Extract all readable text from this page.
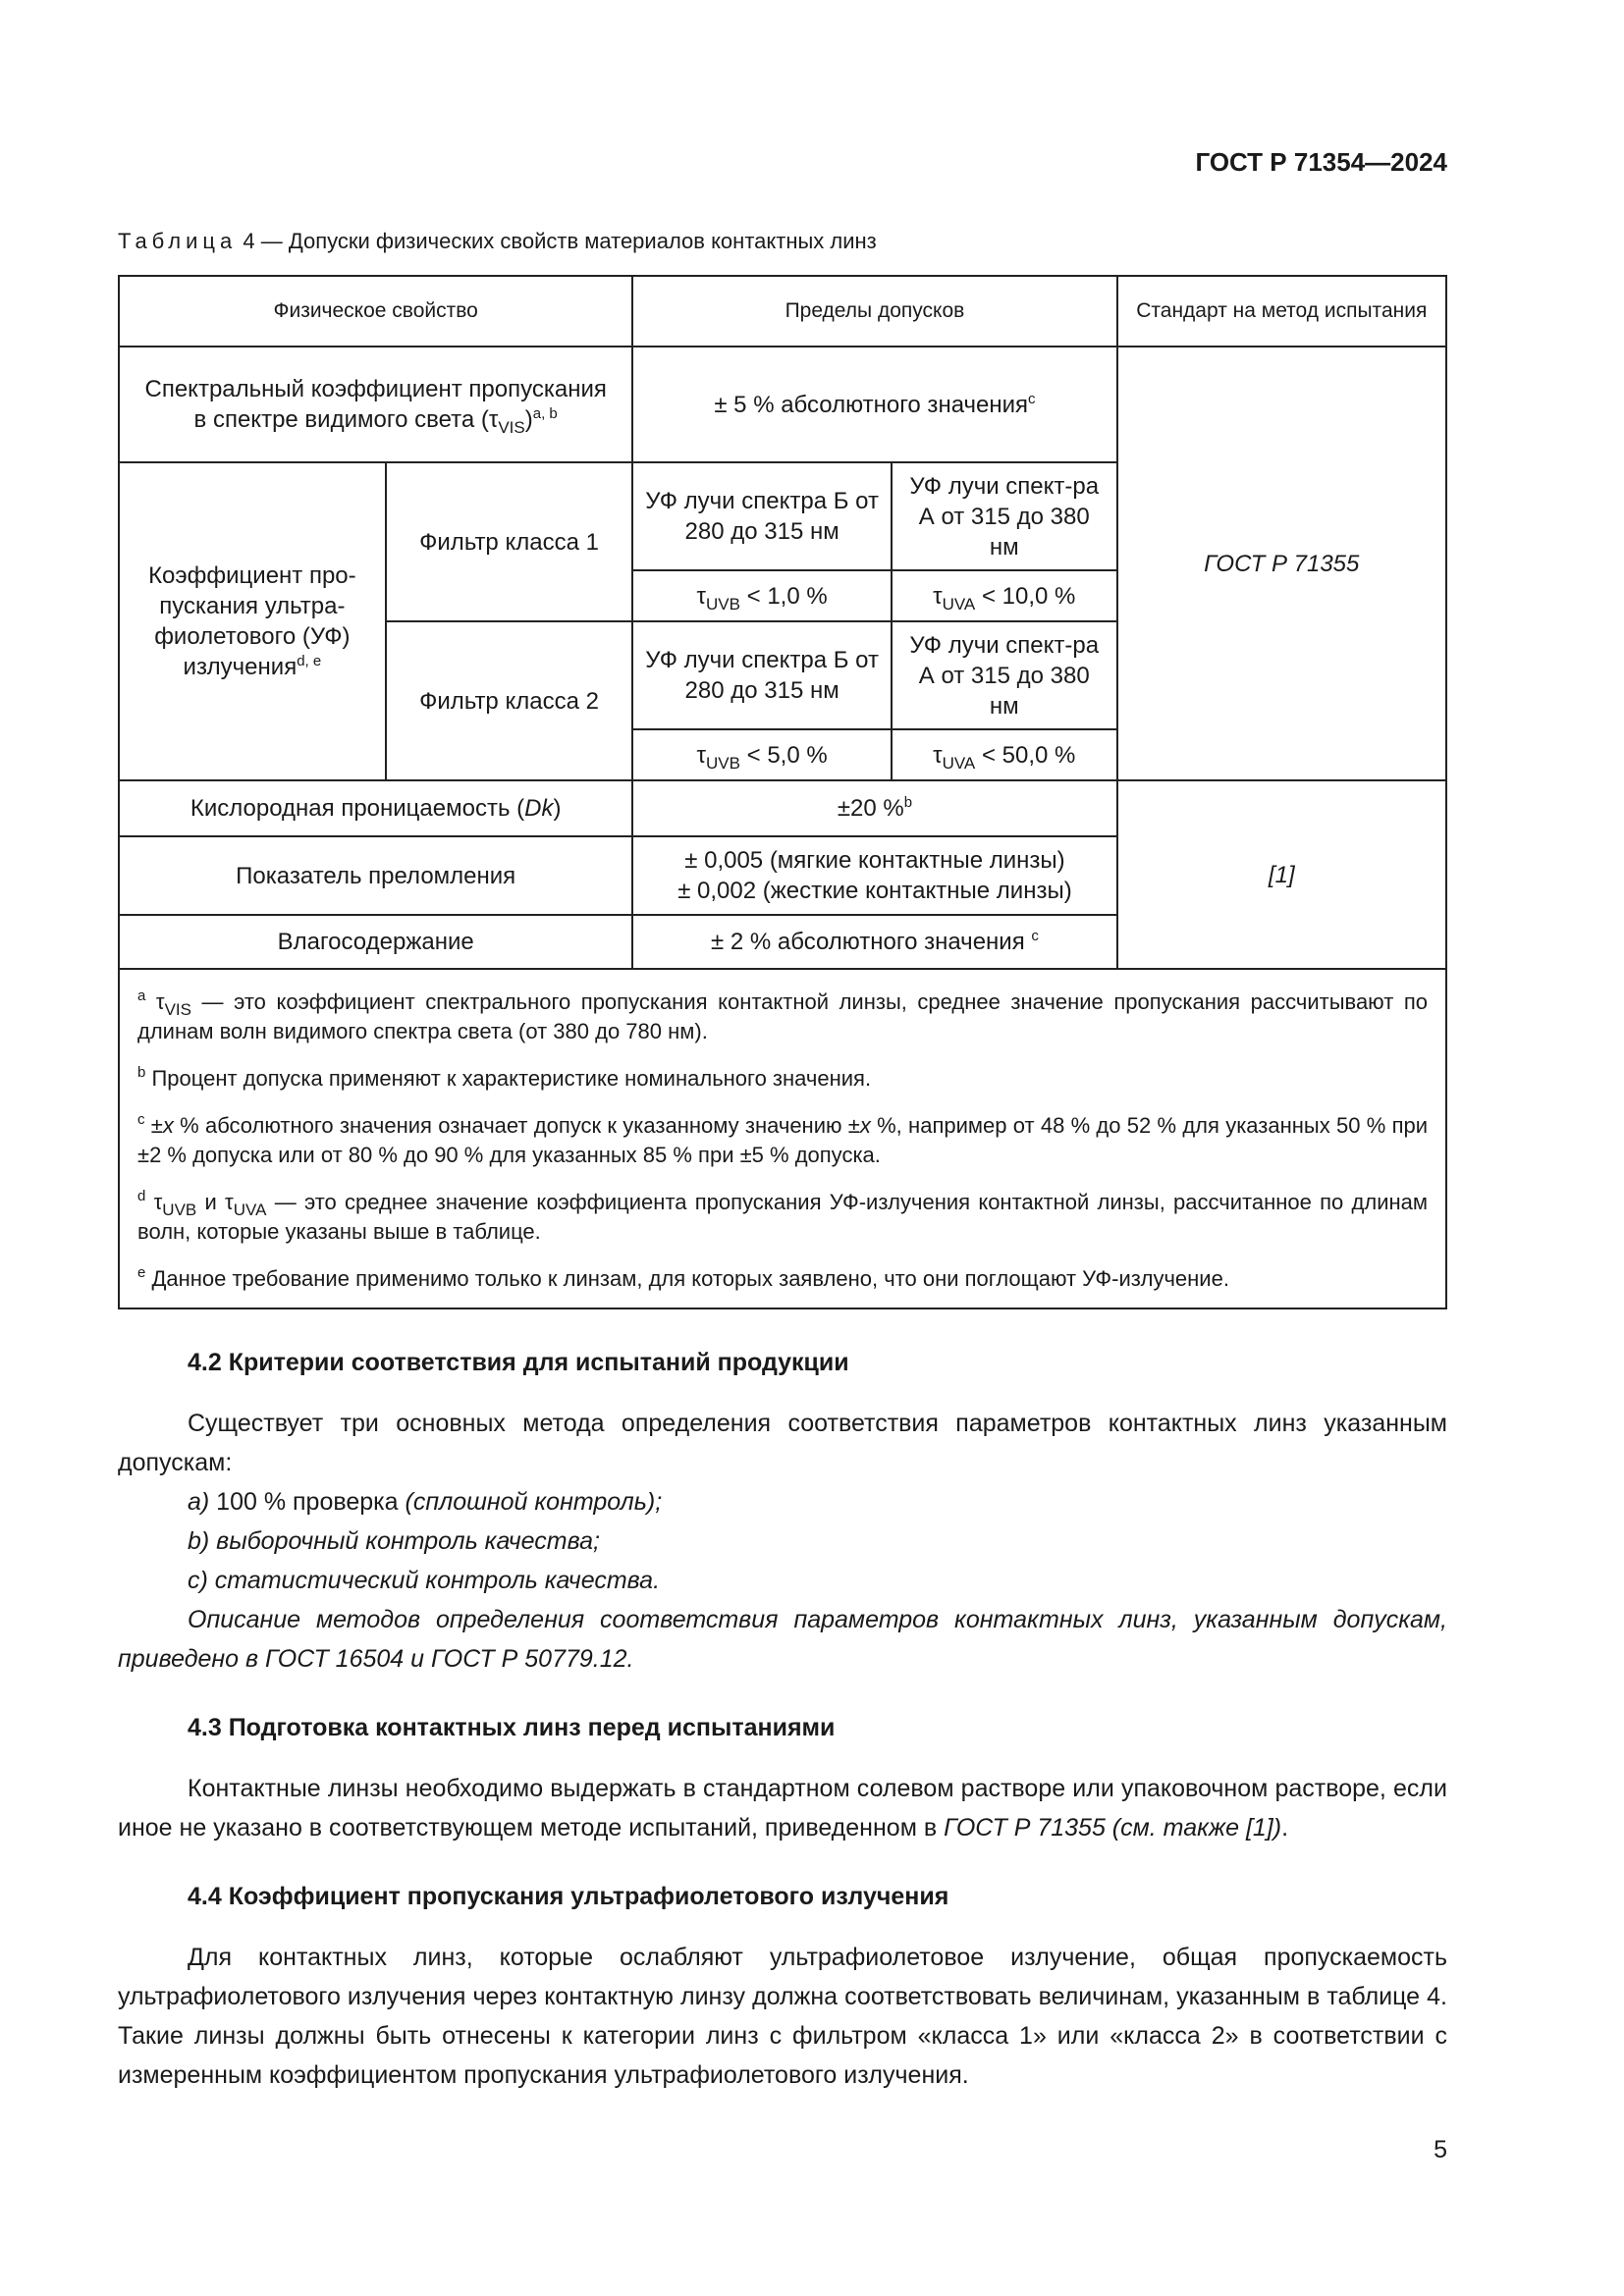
ГОСТ Р 71354—2024
Таблица 4 — Допуски физических свойств материалов контактных линз
Физическое свойство		Пределы допусков		Стандарт на метод испытания
Спектральный коэффициент пропускания
в спектре видимого света $(\tau_{VIS})^{a, b}$		± 5 % абсолютного значения$^c$		ГОСТ Р 71355
Коэффициент про-пускания ультра-фиолетового (УФ) излучения$^{d, e}$	Фильтр класса 1	УФ лучи спектра Б от 280 до 315 нм	УФ лучи спект-ра А от 315 до 380 нм	
		$\tau_{UVB} < 1,0$ %	$\tau_{UVA} < 10,0$ %	
	Фильтр класса 2	УФ лучи спектра Б от 280 до 315 нм	УФ лучи спект-ра А от 315 до 380 нм	
		$\tau_{UVB} < 5,0$ %	$\tau_{UVA} < 50,0$ %	
Кислородная проницаемость (Dk)		±20 %$^b$		[1]
Показатель преломления		± 0,005 (мягкие контактные линзы)
± 0,002 (жесткие контактные линзы)		
Влагосодержание		± 2 % абсолютного значения $^c$

$^a$ $\tau_{VIS}$ — это коэффициент спектрального пропускания контактной линзы, среднее значение пропускания рассчитывают по длинам волн видимого спектра света (от 380 до 780 нм).

$^b$ Процент допуска применяют к характеристике номинального значения.

$^c$ ±x % абсолютного значения означает допуск к указанному значению ±x %, например от 48 % до 52 % для указанных 50 % при ±2 % допуска или от 80 % до 90 % для указанных 85 % при ±5 % допуска.

$^d$ $\tau_{UVB}$ и $\tau_{UVA}$ — это среднее значение коэффициента пропускания УФ-излучения контактной линзы, рассчитанное по длинам волн, которые указаны выше в таблице.

$^e$ Данное требование применимо только к линзам, для которых заявлено, что они поглощают УФ-излучение.				

4.2 Критерии соответствия для испытаний продукции

Существует три основных метода определения соответствия параметров контактных линз указанным допускам:

a) 100 % проверка (сплошной контроль);

b) выборочный контроль качества;

c) статистический контроль качества.

Описание методов определения соответствия параметров контактных линз, указанным допускам, приведено в ГОСТ 16504 и ГОСТ Р 50779.12.

4.3 Подготовка контактных линз перед испытаниями

Контактные линзы необходимо выдержать в стандартном солевом растворе или упаковочном растворе, если иное не указано в соответствующем методе испытаний, приведенном в ГОСТ Р 71355 (см. также [1]).

4.4 Коэффициент пропускания ультрафиолетового излучения

Для контактных линз, которые ослабляют ультрафиолетовое излучение, общая пропускаемость ультрафиолетового излучения через контактную линзу должна соответствовать величинам, указанным в таблице 4. Такие линзы должны быть отнесены к категории линз с фильтром «класса 1» или «класса 2» в соответствии с измеренным коэффициентом пропускания ультрафиолетового излучения.

5
